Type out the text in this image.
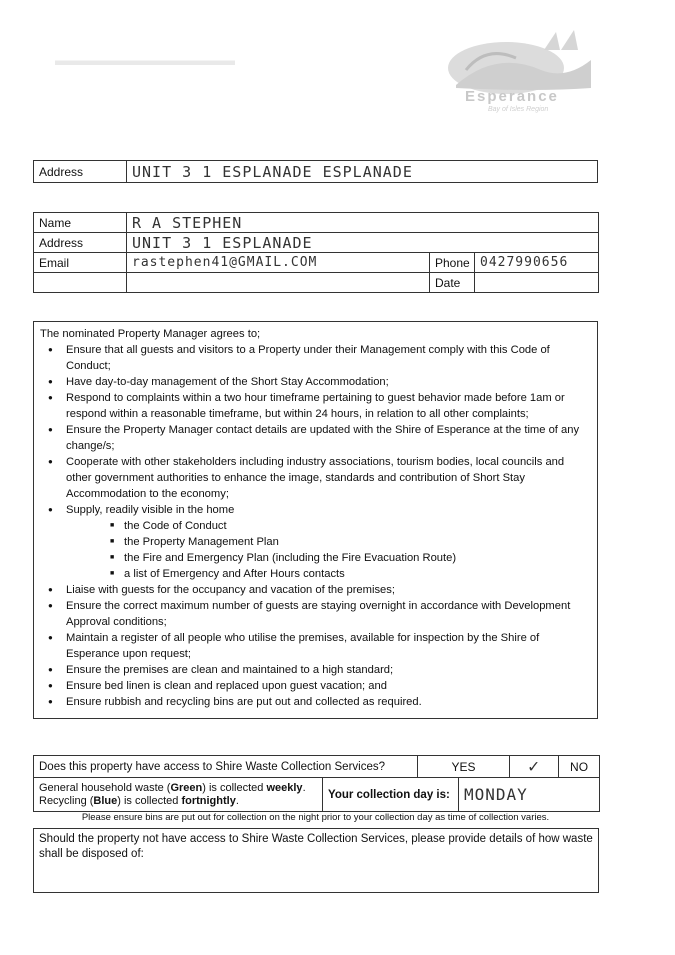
Esperance
Bay of Isles Region
▬▬▬▬▬▬▬▬▬▬▬▬
Address	UNIT 3 1 ESPLANADE ESPLANADE
Name	R A STEPHEN		
Address	UNIT 3 1 ESPLANADE		
Email	rastephen41@GMAIL.COM	Phone	0427990656
		Date	
The nominated Property Manager agrees to;
● Ensure that all guests and visitors to a Property under their Management comply with this Code of Conduct;
● Have day-to-day management of the Short Stay Accommodation;
● Respond to complaints within a two hour timeframe pertaining to guest behavior made before 1am or respond within a reasonable timeframe, but within 24 hours, in relation to all other complaints;
● Ensure the Property Manager contact details are updated with the Shire of Esperance at the time of any change/s;
● Cooperate with other stakeholders including industry associations, tourism bodies, local councils and other government authorities to enhance the image, standards and contribution of Short Stay Accommodation to the economy;
● Supply, readily visible in the home
■ the Code of Conduct
■ the Property Management Plan
■ the Fire and Emergency Plan (including the Fire Evacuation Route)
■ a list of Emergency and After Hours contacts
● Liaise with guests for the occupancy and vacation of the premises;
● Ensure the correct maximum number of guests are staying overnight in accordance with Development Approval conditions;
● Maintain a register of all people who utilise the premises, available for inspection by the Shire of Esperance upon request;
● Ensure the premises are clean and maintained to a high standard;
● Ensure bed linen is clean and replaced upon guest vacation; and
● Ensure rubbish and recycling bins are put out and collected as required.
Does this property have access to Shire Waste Collection Services?		YES		✓	NO
General household waste (Green) is collected weekly.
Recycling (Blue) is collected fortnightly.	Your collection day is:		MONDAY		
Please ensure bins are put out for collection on the night prior to your collection day as time of collection varies.
Should the property not have access to Shire Waste Collection Services, please provide details of how waste shall be disposed of:
